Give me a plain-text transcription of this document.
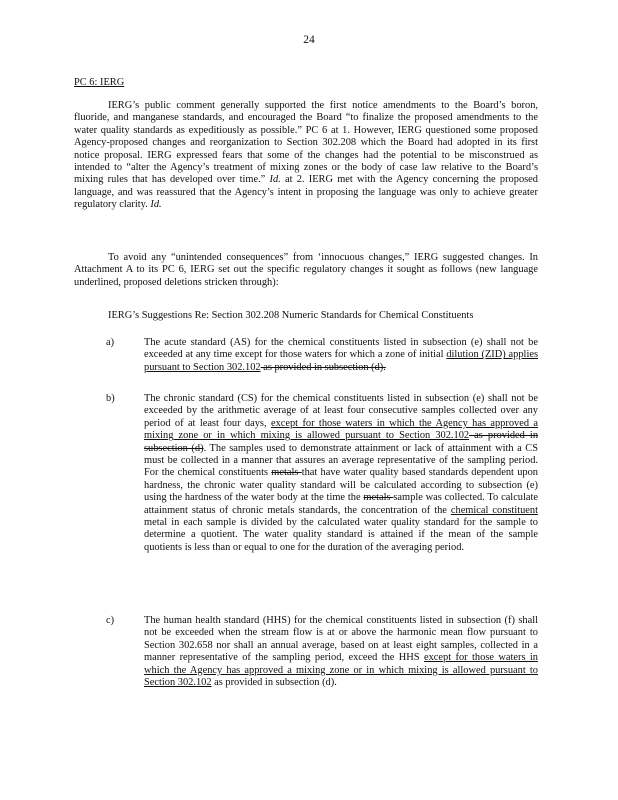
24
PC 6: IERG

IERG’s public comment generally supported the first notice amendments to the Board’s boron, fluoride, and manganese standards, and encouraged the Board “to finalize the proposed amendments to the water quality standards as expeditiously as possible.” PC 6 at 1. However, IERG questioned some proposed Agency-proposed changes and reorganization to Section 302.208 which the Board had adopted in its first notice proposal. IERG expressed fears that some of the changes had the potential to be misconstrued as intended to “alter the Agency’s treatment of mixing zones or the body of case law relative to the Board’s mixing rules that has developed over time.” Id. at 2. IERG met with the Agency concerning the proposed language, and was reassured that the Agency’s intent in proposing the language was only to achieve greater regulatory clarity. Id.

To avoid any “unintended consequences” from ‘innocuous changes,” IERG suggested changes. In Attachment A to its PC 6, IERG set out the specific regulatory changes it sought as follows (new language underlined, proposed deletions stricken through):

IERG’s Suggestions Re: Section 302.208 Numeric Standards for Chemical Constituents
a)	The acute standard (AS) for the chemical constituents listed in subsection (e) shall not be exceeded at any time except for those waters for which a zone of initial dilution (ZID) applies pursuant to Section 302.102 as provided in subsection (d).
b)	The chronic standard (CS) for the chemical constituents listed in subsection (e) shall not be exceeded by the arithmetic average of at least four consecutive samples collected over any period of at least four days, except for those waters in which the Agency has approved a mixing zone or in which mixing is allowed pursuant to Section 302.102 as provided in subsection (d). The samples used to demonstrate attainment or lack of attainment with a CS must be collected in a manner that assures an average representative of the sampling period. For the chemical constituents metals that have water quality based standards dependent upon hardness, the chronic water quality standard will be calculated according to subsection (e) using the hardness of the water body at the time the metals sample was collected. To calculate attainment status of chronic metals standards, the concentration of the chemical constituent metal in each sample is divided by the calculated water quality standard for the sample to determine a quotient. The water quality standard is attained if the mean of the sample quotients is less than or equal to one for the duration of the averaging period.
c)	The human health standard (HHS) for the chemical constituents listed in subsection (f) shall not be exceeded when the stream flow is at or above the harmonic mean flow pursuant to Section 302.658 nor shall an annual average, based on at least eight samples, collected in a manner representative of the sampling period, exceed the HHS except for those waters in which the Agency has approved a mixing zone or in which mixing is allowed pursuant to Section 302.102 as provided in subsection (d).
